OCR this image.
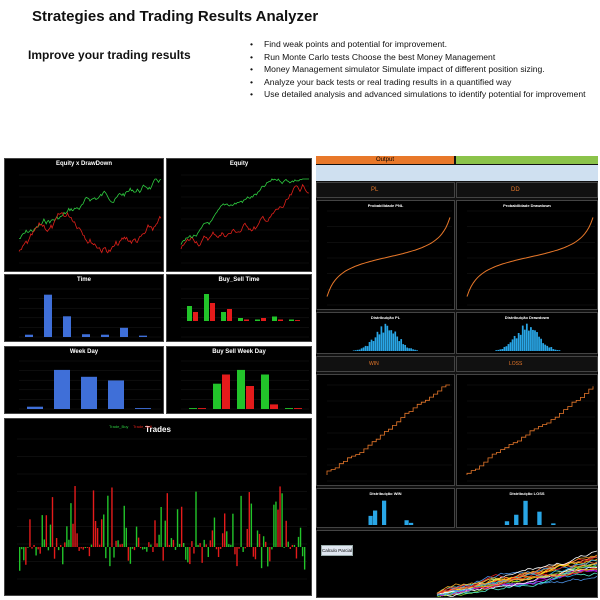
Strategies and Trading Results Analyzer
Improve your trading results
• Find weak points and potential for improvement.
• Run Monte Carlo tests Choose the best Money Management
• Money Management simulator Simulate impact of different position sizing.
• Analyze your back tests or real trading results in a quantified way
• Use detailed analysis and advanced simulations to identify potential for improvement
Equity x DrawDown	Equity
Time	Buy_Sell Time
Week Day	Buy Sell Week Day
Trades
Trade_Buy Trade_Sell
Output
PL	DD
Probabilidade PNL	Probabilidade Drawdown
Distribuição PL	Distribuição Drawdown
WIN	LOSS
Distribuição WIN	Distribuição LOSS
Calculo Parcial
